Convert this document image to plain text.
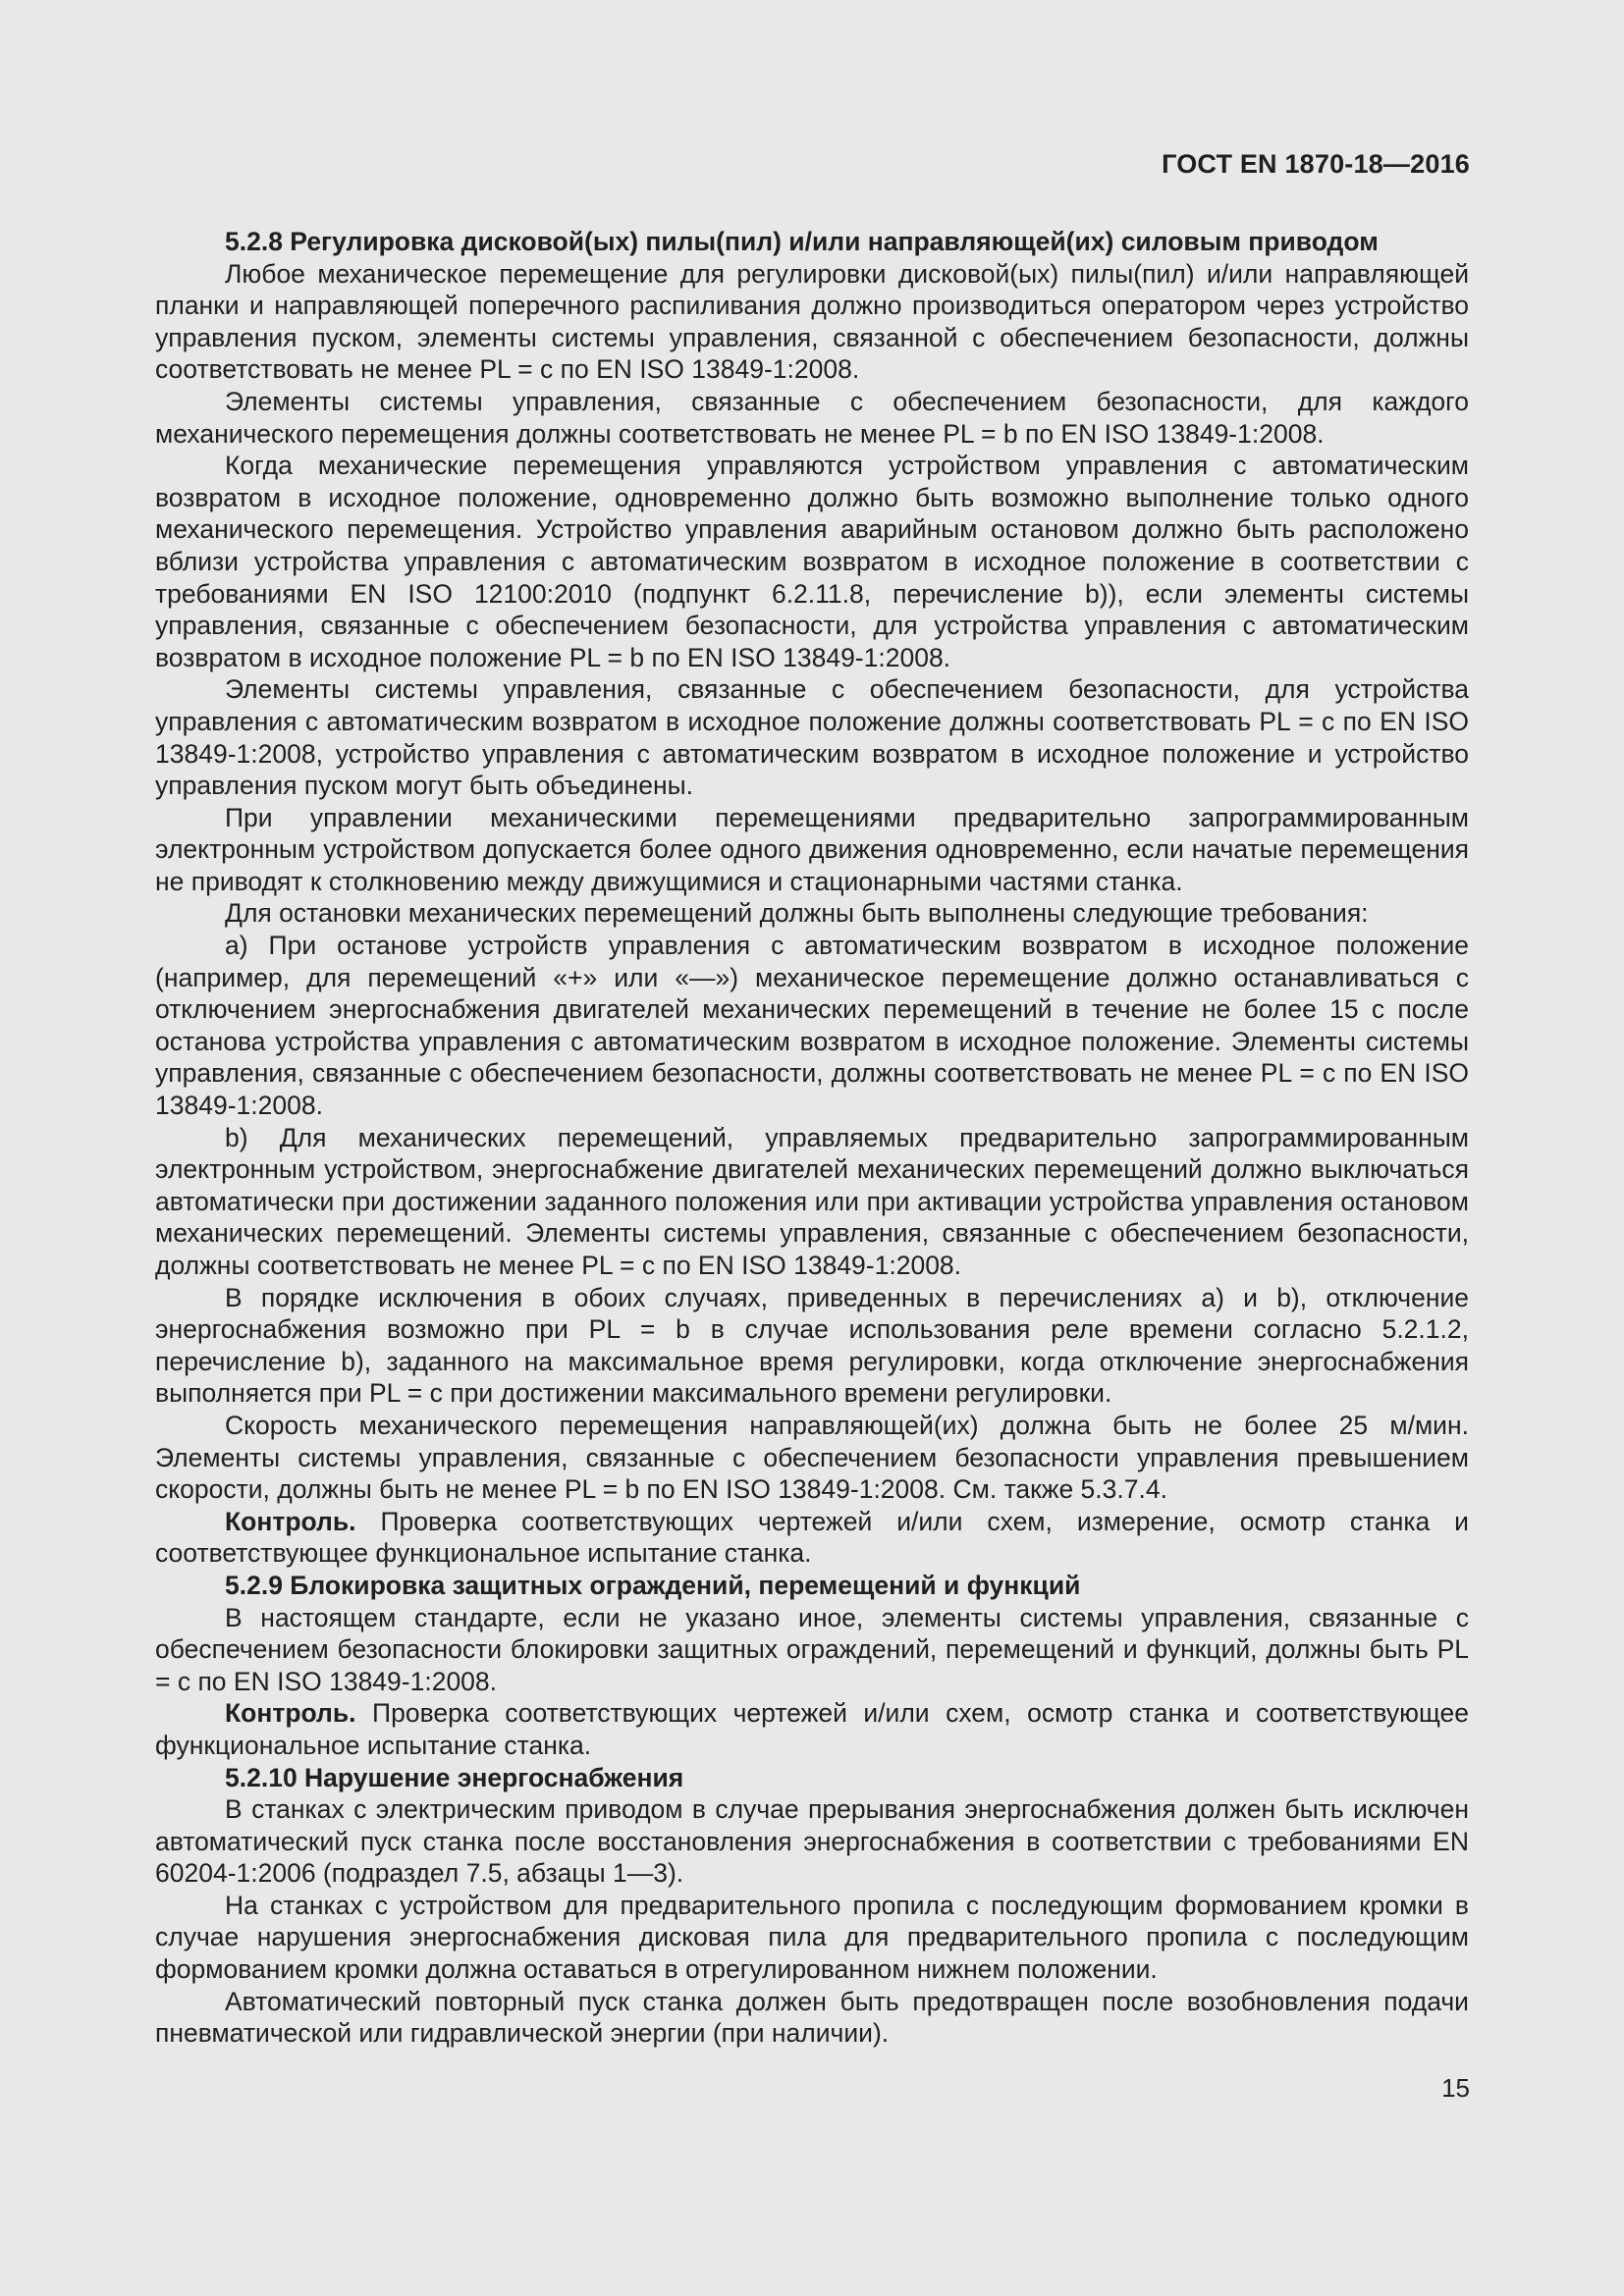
ГОСТ EN 1870-18—2016

5.2.8 Регулировка дисковой(ых) пилы(пил) и/или направляющей(их) силовым приводом

Любое механическое перемещение для регулировки дисковой(ых) пилы(пил) и/или направляющей планки и направляющей поперечного распиливания должно производиться оператором через устройство управления пуском, элементы системы управления, связанной с обеспечением безопасности, должны соответствовать не менее PL = c по EN ISO 13849-1:2008.

Элементы системы управления, связанные с обеспечением безопасности, для каждого механического перемещения должны соответствовать не менее PL = b по EN ISO 13849-1:2008.

Когда механические перемещения управляются устройством управления с автоматическим возвратом в исходное положение, одновременно должно быть возможно выполнение только одного механического перемещения. Устройство управления аварийным остановом должно быть расположено вблизи устройства управления с автоматическим возвратом в исходное положение в соответствии с требованиями EN ISO 12100:2010 (подпункт 6.2.11.8, перечисление b)), если элементы системы управления, связанные с обеспечением безопасности, для устройства управления с автоматическим возвратом в исходное положение PL = b по EN ISO 13849-1:2008.

Элементы системы управления, связанные с обеспечением безопасности, для устройства управления с автоматическим возвратом в исходное положение должны соответствовать PL = c по EN ISO 13849-1:2008, устройство управления с автоматическим возвратом в исходное положение и устройство управления пуском могут быть объединены.

При управлении механическими перемещениями предварительно запрограммированным электронным устройством допускается более одного движения одновременно, если начатые перемещения не приводят к столкновению между движущимися и стационарными частями станка.

Для остановки механических перемещений должны быть выполнены следующие требования:

a) При останове устройств управления с автоматическим возвратом в исходное положение (например, для перемещений «+» или «—») механическое перемещение должно останавливаться с отключением энергоснабжения двигателей механических перемещений в течение не более 15 с после останова устройства управления с автоматическим возвратом в исходное положение. Элементы системы управления, связанные с обеспечением безопасности, должны соответствовать не менее PL = c по EN ISO 13849-1:2008.

b) Для механических перемещений, управляемых предварительно запрограммированным электронным устройством, энергоснабжение двигателей механических перемещений должно выключаться автоматически при достижении заданного положения или при активации устройства управления остановом механических перемещений. Элементы системы управления, связанные с обеспечением безопасности, должны соответствовать не менее PL = c по EN ISO 13849-1:2008.

В порядке исключения в обоих случаях, приведенных в перечислениях a) и b), отключение энергоснабжения возможно при PL = b в случае использования реле времени согласно 5.2.1.2, перечисление b), заданного на максимальное время регулировки, когда отключение энергоснабжения выполняется при PL = c при достижении максимального времени регулировки.

Скорость механического перемещения направляющей(их) должна быть не более 25 м/мин. Элементы системы управления, связанные с обеспечением безопасности управления превышением скорости, должны быть не менее PL = b по EN ISO 13849-1:2008. См. также 5.3.7.4.

Контроль. Проверка соответствующих чертежей и/или схем, измерение, осмотр станка и соответствующее функциональное испытание станка.

5.2.9 Блокировка защитных ограждений, перемещений и функций

В настоящем стандарте, если не указано иное, элементы системы управления, связанные с обеспечением безопасности блокировки защитных ограждений, перемещений и функций, должны быть PL = c по EN ISO 13849-1:2008.

Контроль. Проверка соответствующих чертежей и/или схем, осмотр станка и соответствующее функциональное испытание станка.

5.2.10 Нарушение энергоснабжения

В станках с электрическим приводом в случае прерывания энергоснабжения должен быть исключен автоматический пуск станка после восстановления энергоснабжения в соответствии с требованиями EN 60204-1:2006 (подраздел 7.5, абзацы 1—3).

На станках с устройством для предварительного пропила с последующим формованием кромки в случае нарушения энергоснабжения дисковая пила для предварительного пропила с последующим формованием кромки должна оставаться в отрегулированном нижнем положении.

Автоматический повторный пуск станка должен быть предотвращен после возобновления подачи пневматической или гидравлической энергии (при наличии).

15
